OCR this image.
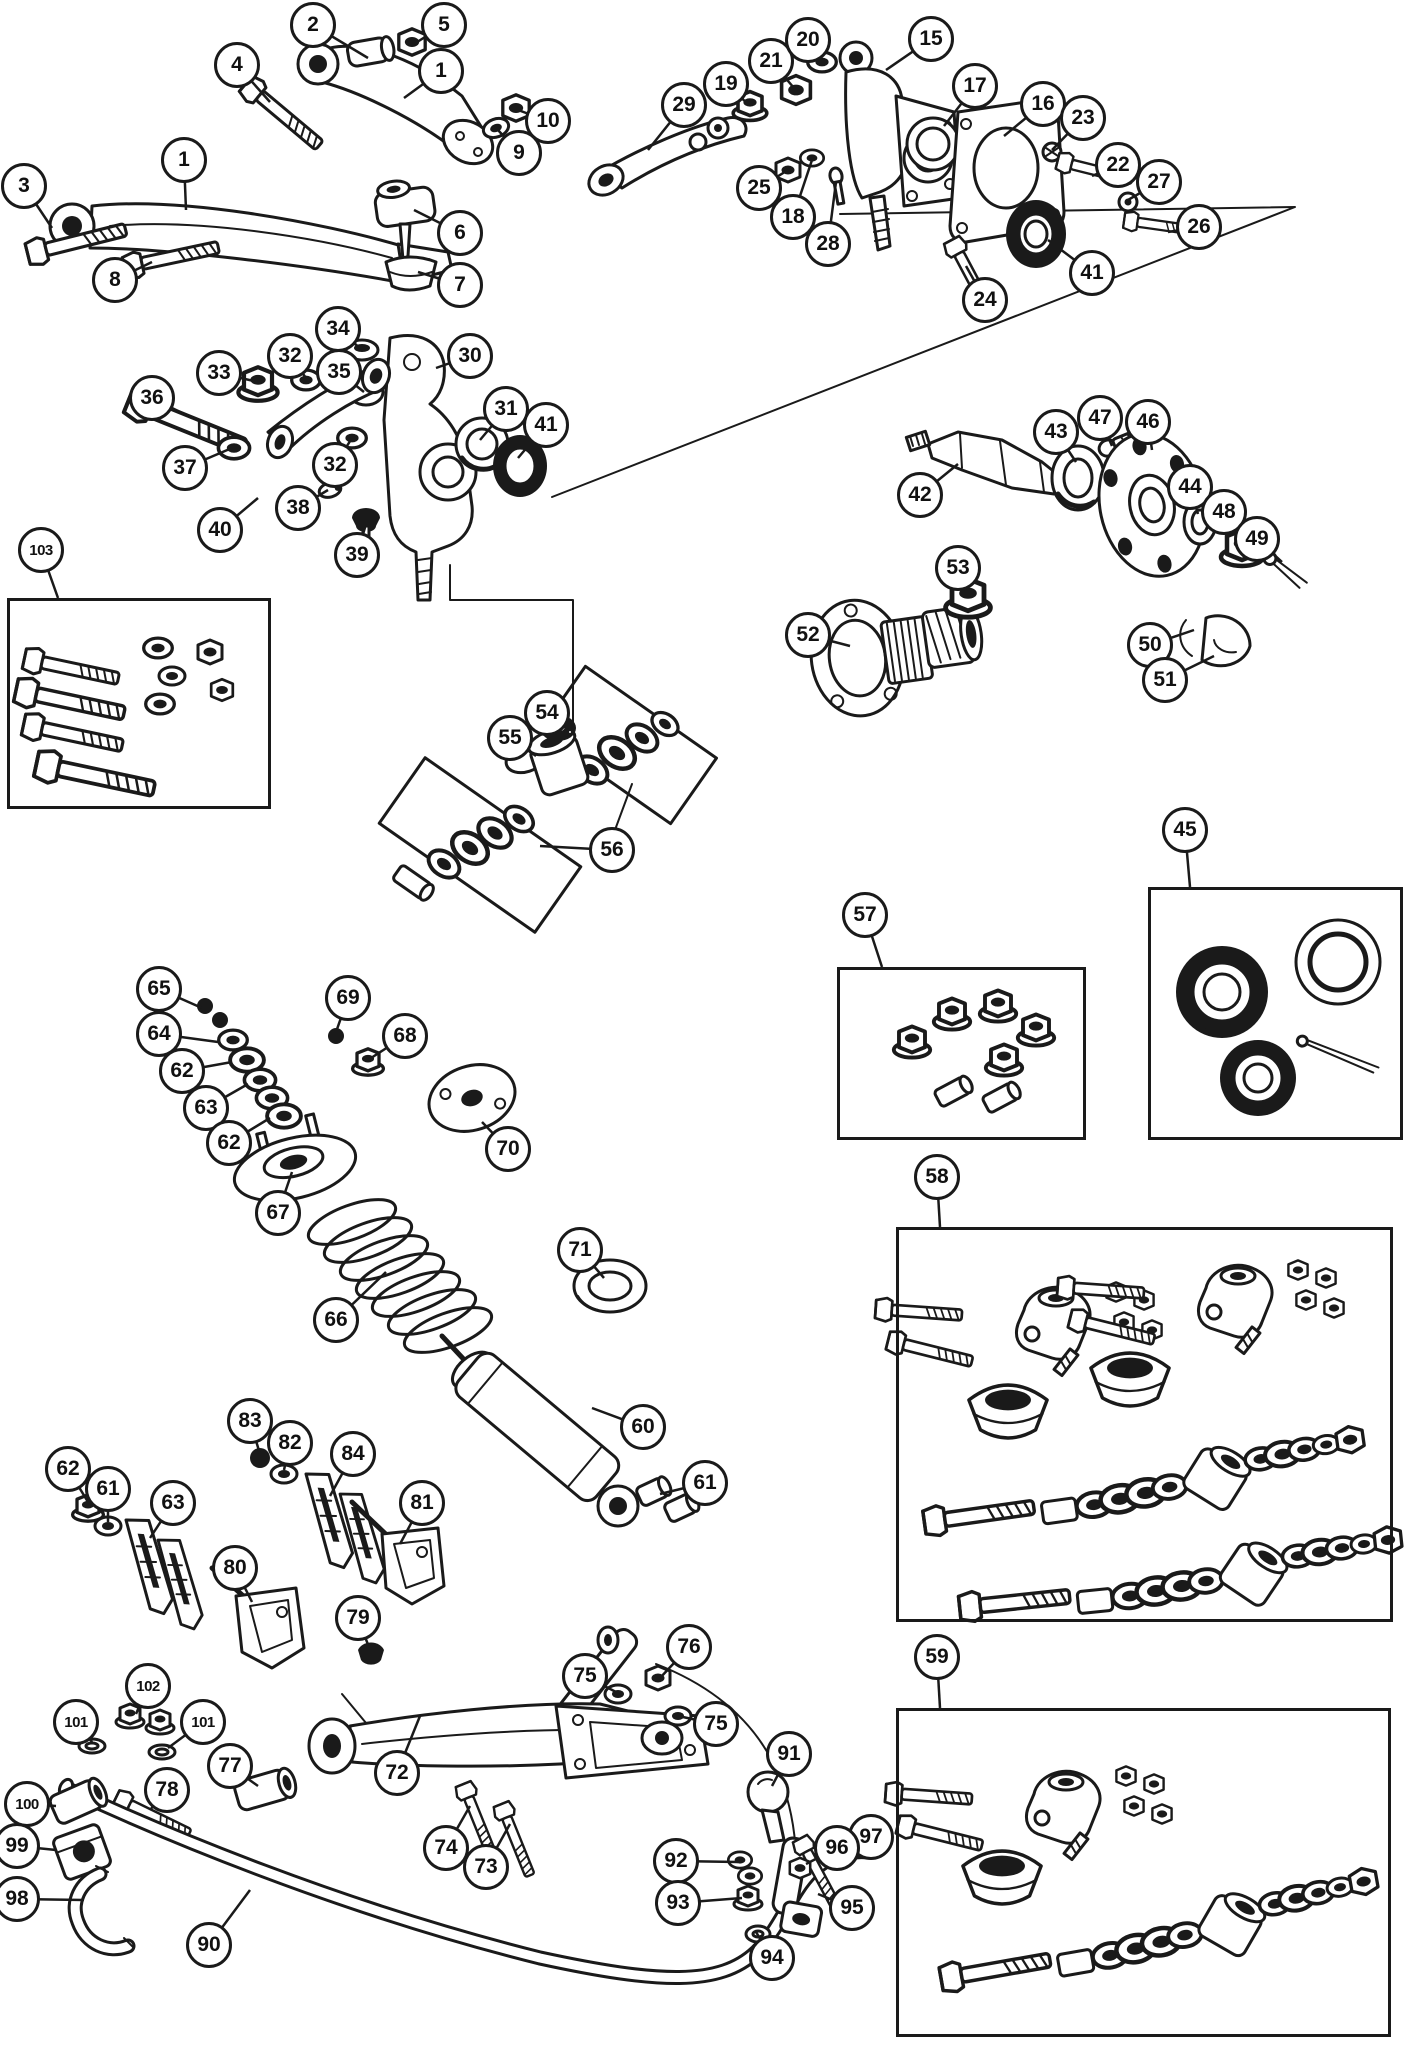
2	5
4	1
10
9
3
1
8
6
7
29
19
21
20	15
17
16
23
22
27
26
25
18
28
24
41
34
32
33	35
30
36	31
41
37	32
38
40
39
103
42
43
47 46
44
48
49
53
52	50
51
54
55
56
45
57
58
59
65
64
62
63
62
69
68
70
67
66
71
60
61
83
82 84
62
61
63	81
80
79
102
101	101
77
78
100
99
98
90
72
74
73
75
76
75
91
97
96
95
92
93
94
